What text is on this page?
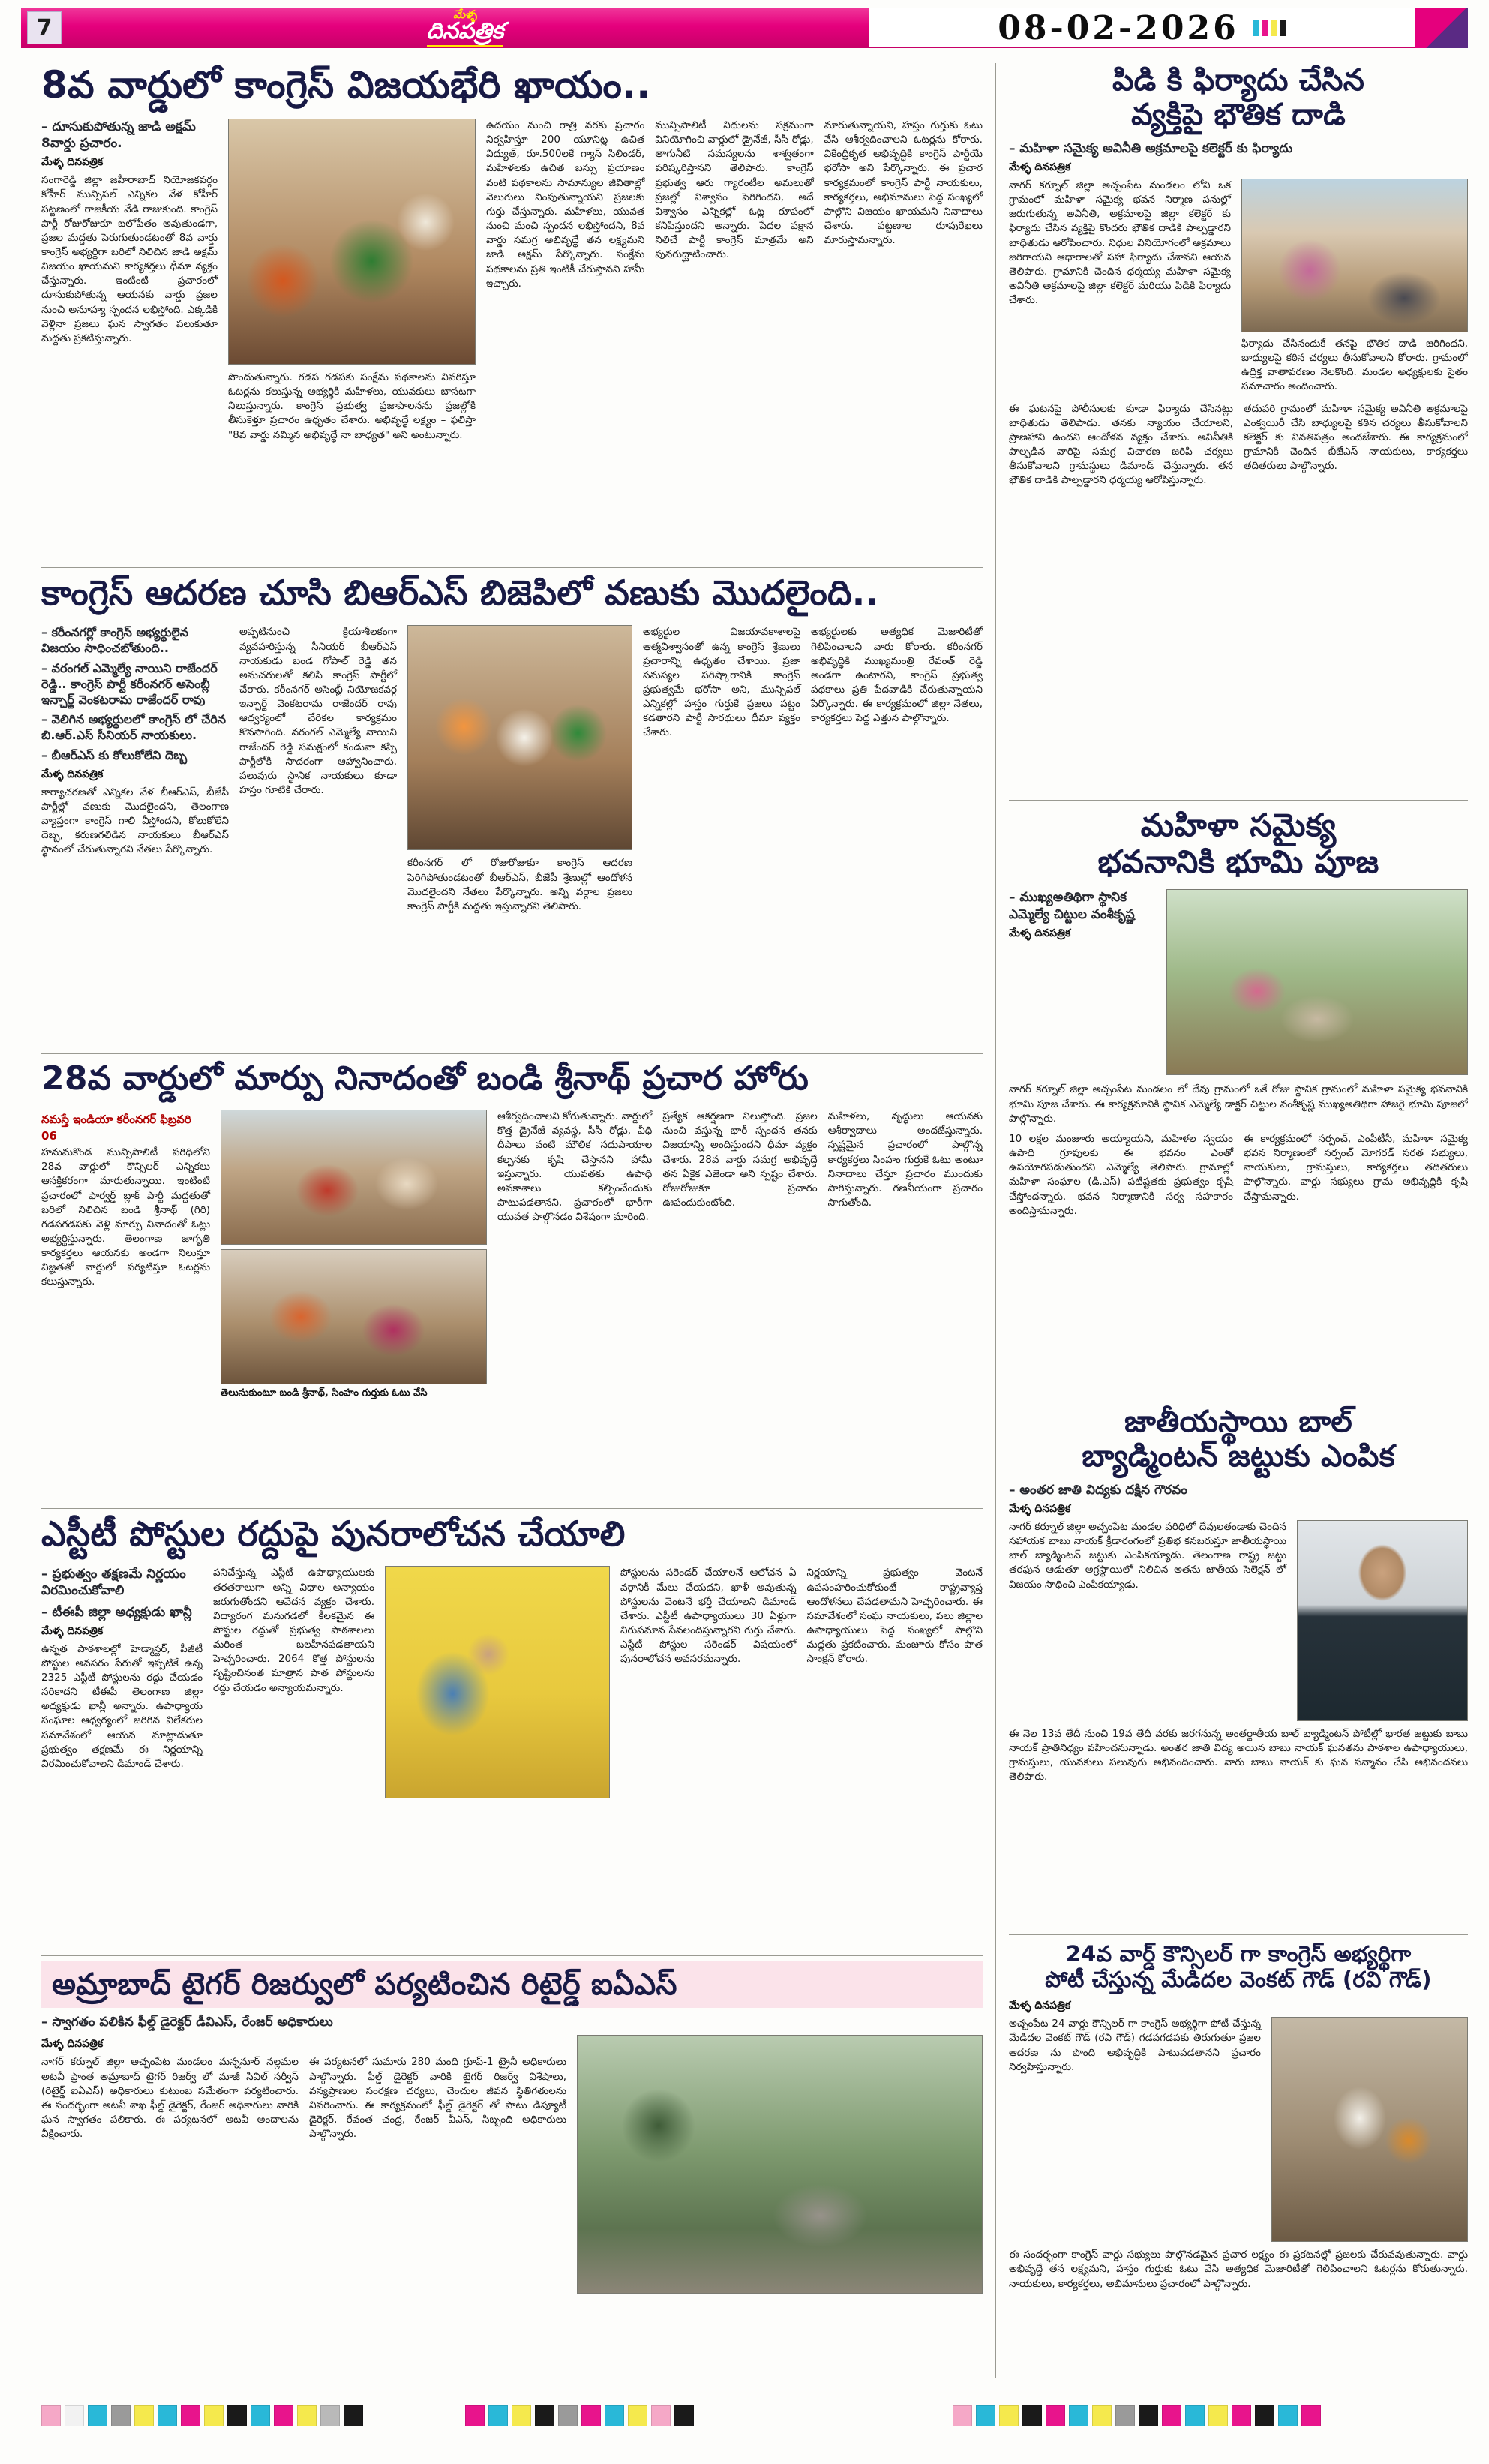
7
మేళ్ళ
దినపత్రిక	08-02-2026
8వ వార్డులో కాంగ్రెస్ విజయభేరి ఖాయం..

– దూసుకుపోతున్న జాడి అక్షమ్ 8వార్డు ప్రచారం.

మేళ్ళ దినపత్రిక

సంగారెడ్డి జిల్లా జహీరాబాద్ నియోజకవర్గం కోహీర్ మున్సిపల్ ఎన్నికల వేళ కోహీర్ పట్టణంలో రాజకీయ వేడి రాజుకుంది. కాంగ్రెస్ పార్టీ రోజురోజుకూ బలోపేతం అవుతుండగా, ప్రజల మద్దతు పెరుగుతుండటంతో 8వ వార్డు కాంగ్రెస్ అభ్యర్థిగా బరిలో నిలిచిన జాడి అక్షమ్ విజయం ఖాయమని కార్యకర్తలు ధీమా వ్యక్తం చేస్తున్నారు. ఇంటింటి ప్రచారంలో దూసుకుపోతున్న ఆయనకు వార్డు ప్రజల నుంచి అనూహ్య స్పందన లభిస్తోంది. ఎక్కడికి వెళ్లినా ప్రజలు ఘన స్వాగతం పలుకుతూ మద్దతు ప్రకటిస్తున్నారు.

పొందుతున్నారు. గడప గడపకు సంక్షేమ పథకాలను వివరిస్తూ ఓటర్లను కలుస్తున్న అభ్యర్థికి మహిళలు, యువకులు బాసటగా నిలుస్తున్నారు. కాంగ్రెస్ ప్రభుత్వ ప్రజాపాలనను ప్రజల్లోకి తీసుకెళ్తూ ప్రచారం ఉధృతం చేశారు. అభివృద్ధే లక్ష్యం – ఫలిస్తా "8వ వార్డు నమ్మిన అభివృద్ధే నా బాధ్యత" అని అంటున్నారు.

ఉదయం నుంచి రాత్రి వరకు ప్రచారం నిర్వహిస్తూ 200 యూనిట్ల ఉచిత విద్యుత్, రూ.500లకే గ్యాస్ సిలిండర్, మహిళలకు ఉచిత బస్సు ప్రయాణం వంటి పథకాలను సామాన్యుల జీవితాల్లో వెలుగులు నింపుతున్నాయని ప్రజలకు గుర్తు చేస్తున్నారు. మహిళలు, యువత నుంచి మంచి స్పందన లభిస్తోందని, 8వ వార్డు సమగ్ర అభివృద్ధే తన లక్ష్యమని జాడి అక్షమ్ పేర్కొన్నారు. సంక్షేమ పథకాలను ప్రతి ఇంటికీ చేరుస్తానని హామీ ఇచ్చారు.

మున్సిపాలిటీ నిధులను సక్రమంగా వినియోగించి వార్డులో డ్రైనేజీ, సీసీ రోడ్లు, తాగునీటి సమస్యలను శాశ్వతంగా పరిష్కరిస్తానని తెలిపారు. కాంగ్రెస్ ప్రభుత్వ ఆరు గ్యారంటీల అమలుతో ప్రజల్లో విశ్వాసం పెరిగిందని, అదే విశ్వాసం ఎన్నికల్లో ఓట్ల రూపంలో కనిపిస్తుందని అన్నారు. పేదల పక్షాన నిలిచే పార్టీ కాంగ్రెస్ మాత్రమే అని పునరుద్ఘాటించారు.

మారుతున్నాయని, హస్తం గుర్తుకు ఓటు వేసి ఆశీర్వదించాలని ఓటర్లను కోరారు. వికేంద్రీకృత అభివృద్ధికి కాంగ్రెస్ పార్టీయే భరోసా అని పేర్కొన్నారు. ఈ ప్రచార కార్యక్రమంలో కాంగ్రెస్ పార్టీ నాయకులు, కార్యకర్తలు, అభిమానులు పెద్ద సంఖ్యలో పాల్గొని విజయం ఖాయమని నినాదాలు చేశారు. పట్టణాల రూపురేఖలు మారుస్తామన్నారు.

కాంగ్రెస్ ఆదరణ చూసి బిఆర్ఎస్ బిజెపిలో వణుకు మొదలైంది..

– కరీంనగర్లో కాంగ్రెస్ అభ్యర్థులైన విజయం సాధించబోతుంది..

– వరంగల్ ఎమ్మెల్యే నాయిని రాజేందర్ రెడ్డి.. కాంగ్రెస్ పార్టీ కరీంనగర్ అసెంబ్లీ ఇన్చార్జ్ వెంకటరామ రాజేందర్ రావు

– వెలిగిన అభ్యర్థులలో కాంగ్రెస్ లో చేరిన బి.ఆర్.ఎస్ సీనియర్ నాయకులు.

– బీఆర్ఎస్ కు కోలుకోలేని దెబ్బ

మేళ్ళ దినపత్రిక

కార్యాచరణతో ఎన్నికల వేళ బీఆర్ఎస్, బీజేపీ పార్టీల్లో వణుకు మొదలైందని, తెలంగాణ వ్యాప్తంగా కాంగ్రెస్ గాలి వీస్తోందని, కోలుకోలేని దెబ్బ, కరుణగలిడిన నాయకులు బీఆర్ఎస్ స్థానంలో చేరుతున్నారని నేతలు పేర్కొన్నారు.

అప్పటినుంచి క్రియాశీలకంగా వ్యవహరిస్తున్న సీనియర్ బీఆర్ఎస్ నాయకుడు బండ గోపాల్ రెడ్డి తన అనుచరులతో కలిసి కాంగ్రెస్ పార్టీలో చేరారు. కరీంనగర్ అసెంబ్లీ నియోజకవర్గ ఇన్చార్జ్ వెంకటరామ రాజేందర్ రావు ఆధ్వర్యంలో చేరికల కార్యక్రమం కొనసాగింది. వరంగల్ ఎమ్మెల్యే నాయిని రాజేందర్ రెడ్డి సమక్షంలో కండువా కప్పి పార్టీలోకి సాదరంగా ఆహ్వానించారు. పలువురు స్థానిక నాయకులు కూడా హస్తం గూటికి చేరారు.

కరీంనగర్ లో రోజురోజుకూ కాంగ్రెస్ ఆదరణ పెరిగిపోతుండటంతో బీఆర్ఎస్, బీజేపీ శ్రేణుల్లో ఆందోళన మొదలైందని నేతలు పేర్కొన్నారు. అన్ని వర్గాల ప్రజలు కాంగ్రెస్ పార్టీకి మద్దతు ఇస్తున్నారని తెలిపారు.

అభ్యర్థుల విజయావకాశాలపై ఆత్మవిశ్వాసంతో ఉన్న కాంగ్రెస్ శ్రేణులు ప్రచారాన్ని ఉధృతం చేశాయి. ప్రజా సమస్యల పరిష్కారానికి కాంగ్రెస్ ప్రభుత్వమే భరోసా అని, మున్సిపల్ ఎన్నికల్లో హస్తం గుర్తుకే ప్రజలు పట్టం కడతారని పార్టీ సారథులు ధీమా వ్యక్తం చేశారు.

అభ్యర్థులకు అత్యధిక మెజారిటీతో గెలిపించాలని వారు కోరారు. కరీంనగర్ అభివృద్ధికి ముఖ్యమంత్రి రేవంత్ రెడ్డి అండగా ఉంటారని, కాంగ్రెస్ ప్రభుత్వ పథకాలు ప్రతి పేదవాడికి చేరుతున్నాయని పేర్కొన్నారు. ఈ కార్యక్రమంలో జిల్లా నేతలు, కార్యకర్తలు పెద్ద ఎత్తున పాల్గొన్నారు.

28వ వార్డులో మార్పు నినాదంతో బండి శ్రీనాథ్ ప్రచార హోరు

నమస్తే ఇండియా కరీంనగర్ ఫిబ్రవరి 06

హనుమకొండ మున్సిపాలిటీ పరిధిలోని 28వ వార్డులో కౌన్సిలర్ ఎన్నికలు ఆసక్తికరంగా మారుతున్నాయి. ఇంటింటి ప్రచారంలో ఫార్వర్డ్ బ్లాక్ పార్టీ మద్దతుతో బరిలో నిలిచిన బండి శ్రీనాథ్ (గిరి) గడపగడపకు వెళ్లి మార్పు నినాదంతో ఓట్లు అభ్యర్థిస్తున్నారు. తెలంగాణ జాగృతి కార్యకర్తలు ఆయనకు అండగా నిలుస్తూ విజ్ఞతతో వార్డులో పర్యటిస్తూ ఓటర్లను కలుస్తున్నారు.

తెలుసుకుంటూ బండి శ్రీనాథ్, సింహం గుర్తుకు ఓటు వేసి

ఆశీర్వదించాలని కోరుతున్నారు. వార్డులో కొత్త డ్రైనేజీ వ్యవస్థ, సీసీ రోడ్లు, వీధి దీపాలు వంటి మౌలిక సదుపాయాల కల్పనకు కృషి చేస్తానని హామీ ఇస్తున్నారు. యువతకు ఉపాధి అవకాశాలు కల్పించేందుకు పాటుపడతానని, ప్రచారంలో భారీగా యువత పాల్గొనడం విశేషంగా మారింది.

ప్రత్యేక ఆకర్షణగా నిలుస్తోంది. ప్రజల నుంచి వస్తున్న భారీ స్పందన తనకు విజయాన్ని అందిస్తుందని ధీమా వ్యక్తం చేశారు. 28వ వార్డు సమగ్ర అభివృద్ధే తన ఏకైక ఎజెండా అని స్పష్టం చేశారు. రోజురోజుకూ ప్రచారం ఊపందుకుంటోంది.

మహిళలు, వృద్ధులు ఆయనకు ఆశీర్వాదాలు అందజేస్తున్నారు. స్పష్టమైన ప్రచారంలో పాల్గొన్న కార్యకర్తలు సింహం గుర్తుకే ఓటు అంటూ నినాదాలు చేస్తూ ప్రచారం ముందుకు సాగిస్తున్నారు. గణనీయంగా ప్రచారం సాగుతోంది.

ఎస్టీటీ పోస్టుల రద్దుపై పునరాలోచన చేయాలి

– ప్రభుత్వం తక్షణమే నిర్ణయం విరమించుకోవాలి

– టీఈపీ జిల్లా అధ్యక్షుడు ఖాన్లీ

మేళ్ళ దినపత్రిక

ఉన్నత పాఠశాలల్లో హెడ్మాస్టర్, పీజీటీ పోస్టుల అవసరం పేరుతో ఇప్పటికే ఉన్న 2325 ఎస్టీటీ పోస్టులను రద్దు చేయడం సరికాదని టీఈపీ తెలంగాణ జిల్లా అధ్యక్షుడు ఖాన్లీ అన్నారు. ఉపాధ్యాయ సంఘాల ఆధ్వర్యంలో జరిగిన విలేకరుల సమావేశంలో ఆయన మాట్లాడుతూ ప్రభుత్వం తక్షణమే ఈ నిర్ణయాన్ని విరమించుకోవాలని డిమాండ్ చేశారు.

పనిచేస్తున్న ఎస్టీటీ ఉపాధ్యాయులకు తరతరాలుగా అన్ని విధాల అన్యాయం జరుగుతోందని ఆవేదన వ్యక్తం చేశారు. విద్యారంగ మనుగడలో కీలకమైన ఈ పోస్టుల రద్దుతో ప్రభుత్వ పాఠశాలలు మరింత బలహీనపడతాయని హెచ్చరించారు. 2064 కొత్త పోస్టులను సృష్టించినంత మాత్రాన పాత పోస్టులను రద్దు చేయడం అన్యాయమన్నారు.

పోస్టులను సరెండర్ చేయాలనే ఆలోచన ఏ వర్గానికీ మేలు చేయదని, ఖాళీ అవుతున్న పోస్టులను వెంటనే భర్తీ చేయాలని డిమాండ్ చేశారు. ఎస్టీటీ ఉపాధ్యాయులు 30 ఏళ్లుగా నిరుపమాన సేవలందిస్తున్నారని గుర్తు చేశారు. ఎస్టీటీ పోస్టుల సరెండర్ విషయంలో పునరాలోచన అవసరమన్నారు.

నిర్ణయాన్ని ప్రభుత్వం వెంటనే ఉపసంహరించుకోకుంటే రాష్ట్రవ్యాప్త ఆందోళనలు చేపడతామని హెచ్చరించారు. ఈ సమావేశంలో సంఘ నాయకులు, పలు జిల్లాల ఉపాధ్యాయులు పెద్ద సంఖ్యలో పాల్గొని మద్దతు ప్రకటించారు. మంజూరు కోసం పాత సాంక్షన్ కోరారు.

అమ్రాబాద్ టైగర్ రిజర్వులో పర్యటించిన రిటైర్డ్ ఐఏఎస్

– స్వాగతం పలికిన ఫీల్డ్ డైరెక్టర్ డీవిఎస్, రేంజర్ అధికారులు

మేళ్ళ దినపత్రిక

నాగర్ కర్నూల్ జిల్లా అచ్చంపేట మండలం మన్ననూర్ నల్లమల అటవీ ప్రాంత అమ్రాబాద్ టైగర్ రిజర్వ్ లో మాజీ సివిల్ సర్వీస్ (రిటైర్డ్ ఐఏఎస్) అధికారులు కుటుంబ సమేతంగా పర్యటించారు. ఈ సందర్భంగా అటవీ శాఖ ఫీల్డ్ డైరెక్టర్, రేంజర్ అధికారులు వారికి ఘన స్వాగతం పలికారు. ఈ పర్యటనలో అటవీ అందాలను వీక్షించారు.

ఈ పర్యటనలో సుమారు 280 మంది గ్రూప్-1 ట్రైనీ అధికారులు పాల్గొన్నారు. ఫీల్డ్ డైరెక్టర్ వారికి టైగర్ రిజర్వ్ విశేషాలు, వన్యప్రాణుల సంరక్షణ చర్యలు, చెంచుల జీవన స్థితిగతులను వివరించారు. ఈ కార్యక్రమంలో ఫీల్డ్ డైరెక్టర్ తో పాటు డిప్యూటీ డైరెక్టర్, రేవంత చంద్ర, రేంజర్ వీఎస్, సిబ్బంది అధికారులు పాల్గొన్నారు.

పిడి కి ఫిర్యాదు చేసిన
వ్యక్తిపై భౌతిక దాడి

– మహిళా సమైక్య అవినీతి అక్రమాలపై కలెక్టర్ కు ఫిర్యాదు

మేళ్ళ దినపత్రిక

నాగర్ కర్నూల్ జిల్లా అచ్చంపేట మండలం లోని ఒక గ్రామంలో మహిళా సమైక్య భవన నిర్మాణ పనుల్లో జరుగుతున్న అవినీతి, అక్రమాలపై జిల్లా కలెక్టర్ కు ఫిర్యాదు చేసిన వ్యక్తిపై కొందరు భౌతిక దాడికి పాల్పడ్డారని బాధితుడు ఆరోపించారు. నిధుల వినియోగంలో అక్రమాలు జరిగాయని ఆధారాలతో సహా ఫిర్యాదు చేశానని ఆయన తెలిపారు. గ్రామానికి చెందిన ధర్మయ్య మహిళా సమైక్య అవినీతి అక్రమాలపై జిల్లా కలెక్టర్ మరియు పిడికి ఫిర్యాదు చేశారు.

ఫిర్యాదు చేసినందుకే తనపై భౌతిక దాడి జరిగిందని, బాధ్యులపై కఠిన చర్యలు తీసుకోవాలని కోరారు. గ్రామంలో ఉద్రిక్త వాతావరణం నెలకొంది. మండల అధ్యక్షులకు సైతం సమాచారం అందించారు.

ఈ ఘటనపై పోలీసులకు కూడా ఫిర్యాదు చేసినట్లు బాధితుడు తెలిపాడు. తనకు న్యాయం చేయాలని, ప్రాణహాని ఉందని ఆందోళన వ్యక్తం చేశారు. అవినీతికి పాల్పడిన వారిపై సమగ్ర విచారణ జరిపి చర్యలు తీసుకోవాలని గ్రామస్థులు డిమాండ్ చేస్తున్నారు. తన భౌతిక దాడికి పాల్పడ్డారని ధర్మయ్య ఆరోపిస్తున్నారు.

తదుపరి గ్రామంలో మహిళా సమైక్య అవినీతి అక్రమాలపై ఎంక్వయిరీ చేసి బాధ్యులపై కఠిన చర్యలు తీసుకోవాలని కలెక్టర్ కు వినతిపత్రం అందజేశారు. ఈ కార్యక్రమంలో గ్రామానికి చెందిన బీజేఎస్ నాయకులు, కార్యకర్తలు తదితరులు పాల్గొన్నారు.

మహిళా సమైక్య
భవనానికి భూమి పూజ

– ముఖ్యఅతిథిగా స్థానిక ఎమ్మెల్యే చిట్టుల వంశీకృష్ణ

మేళ్ళ దినపత్రిక

నాగర్ కర్నూల్ జిల్లా అచ్చంపేట మండలం లో దేవు గ్రామంలో ఒకే రోజు స్థానిక గ్రామంలో మహిళా సమైక్య భవనానికి భూమి పూజ చేశారు. ఈ కార్యక్రమానికి స్థానిక ఎమ్మెల్యే డాక్టర్ చిట్టుల వంశీకృష్ణ ముఖ్యఅతిథిగా హాజరై భూమి పూజలో పాల్గొన్నారు.

10 లక్షల మంజూరు అయ్యాయని, మహిళల స్వయం ఉపాధి గ్రూపులకు ఈ భవనం ఎంతో ఉపయోగపడుతుందని ఎమ్మెల్యే తెలిపారు. గ్రామాల్లో మహిళా సంఘాల (డి.ఎస్) పటిష్టతకు ప్రభుత్వం కృషి చేస్తోందన్నారు. భవన నిర్మాణానికి సర్వ సహకారం అందిస్తామన్నారు.

ఈ కార్యక్రమంలో సర్పంచ్, ఎంపీటీసీ, మహిళా సమైక్య భవన నిర్మాణంలో సర్పంచ్ మోగరడ్ సరత సభ్యులు, నాయకులు, గ్రామస్తులు, కార్యకర్తలు తదితరులు పాల్గొన్నారు. వార్డు సభ్యులు గ్రామ అభివృద్ధికి కృషి చేస్తామన్నారు.

జాతీయస్థాయి బాల్
బ్యాడ్మింటన్ జట్టుకు ఎంపిక

– అంతర జాతి విద్యకు దక్షిన గౌరవం

మేళ్ళ దినపత్రిక

నాగర్ కర్నూల్ జిల్లా అచ్చంపేట మండల పరిధిలో దేవులతండాకు చెందిన సహాయక బాబు నాయక్ క్రీడారంగంలో ప్రతిభ కనబరుస్తూ జాతీయస్థాయి బాల్ బ్యాడ్మింటన్ జట్టుకు ఎంపికయ్యాడు. తెలంగాణ రాష్ట్ర జట్టు తరఫున ఆడుతూ అగ్రస్థాయిలో నిలిచిన అతను జాతీయ సెలెక్షన్ లో విజయం సాధించి ఎంపికయ్యాడు.

ఈ నెల 13వ తేదీ నుంచి 19వ తేదీ వరకు జరగనున్న అంతర్జాతీయ బాల్ బ్యాడ్మింటన్ పోటీల్లో భారత జట్టుకు బాబు నాయక్ ప్రాతినిధ్యం వహించనున్నాడు. అంతర జాతి విద్య అయిన బాబు నాయక్ ఘనతను పాఠశాల ఉపాధ్యాయులు, గ్రామస్తులు, యువకులు పలువురు అభినందించారు. వారు బాబు నాయక్ కు ఘన సన్మానం చేసి అభినందనలు తెలిపారు.

24వ వార్డ్ కౌన్సిలర్ గా కాంగ్రెస్ అభ్యర్థిగా
పోటీ చేస్తున్న మేడిదల వెంకట్ గౌడ్ (రవి గౌడ్)

మేళ్ళ దినపత్రిక

అచ్చంపేట 24 వార్డు కౌన్సిలర్ గా కాంగ్రెస్ అభ్యర్థిగా పోటీ చేస్తున్న మేడిదల వెంకట్ గౌడ్ (రవి గౌడ్) గడపగడపకు తిరుగుతూ ప్రజల ఆదరణ ను పొంది అభివృద్ధికి పాటుపడతానని ప్రచారం నిర్వహిస్తున్నారు.

ఈ సందర్భంగా కాంగ్రెస్ వార్డు సభ్యులు పాల్గొనడమైన ప్రచార లక్ష్యం ఈ ప్రకటనల్లో ప్రజలకు చేరువవుతున్నారు. వార్డు అభివృద్ధే తన లక్ష్యమని, హస్తం గుర్తుకు ఓటు వేసి అత్యధిక మెజారిటీతో గెలిపించాలని ఓటర్లను కోరుతున్నారు. నాయకులు, కార్యకర్తలు, అభిమానులు ప్రచారంలో పాల్గొన్నారు.
